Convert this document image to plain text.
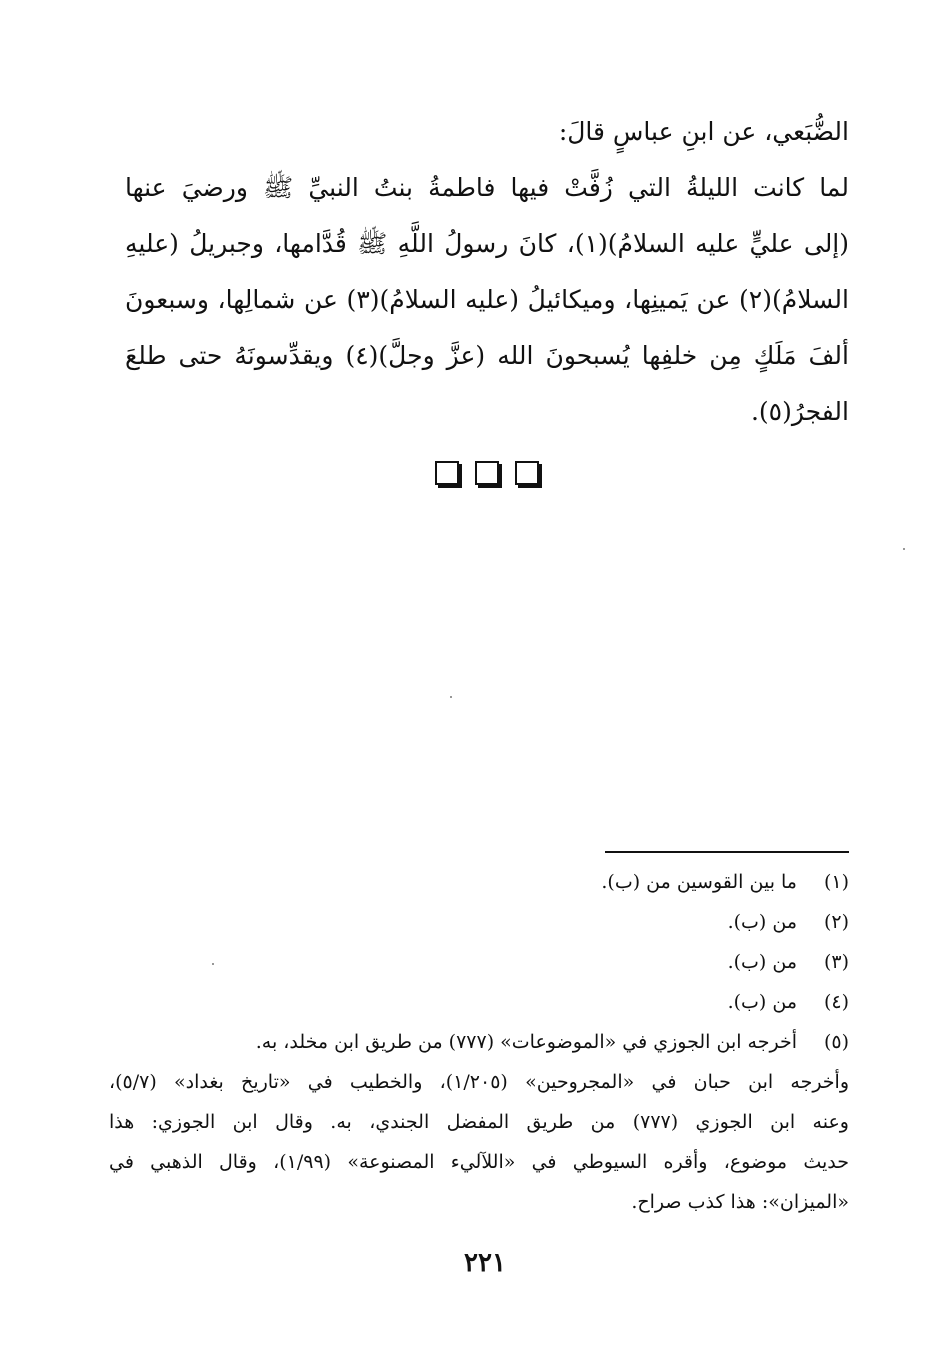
الضُّبَعي، عن ابنِ عباسٍ قالَ:
لما كانت الليلةُ التي زُفَّتْ فيها فاطمةُ بنتُ النبيِّ ﷺ ورضيَ عنها
(إلى عليٍّ عليه السلامُ)(١)، كانَ رسولُ اللَّهِ ﷺ قُدَّامها، وجبريلُ (عليهِ
السلامُ)(٢) عن يَمينِها، وميكائيلُ (عليه السلامُ)(٣) عن شمالِها، وسبعونَ
ألفَ مَلَكٍ مِن خلفِها يُسبحونَ الله (عزَّ وجلَّ)(٤) ويقدِّسونَهُ حتى طلعَ
الفجرُ(٥).
(١)
ما بين القوسين من (ب).
(٢)
من (ب).
(٣)
من (ب).
(٤)
من (ب).
(٥)
أخرجه ابن الجوزي في «الموضوعات» (٧٧٧) من طريق ابن مخلد، به.
وأخرجه ابن حبان في «المجروحين» (١/٢٠٥)، والخطيب في «تاريخ بغداد» (٥/٧)،
وعنه ابن الجوزي (٧٧٧) من طريق المفضل الجندي، به. وقال ابن الجوزي: هذا
حديث موضوع، وأقره السيوطي في «اللآليء المصنوعة» (١/٩٩)، وقال الذهبي في
«الميزان»: هذا كذب صراح.
٢٢١
